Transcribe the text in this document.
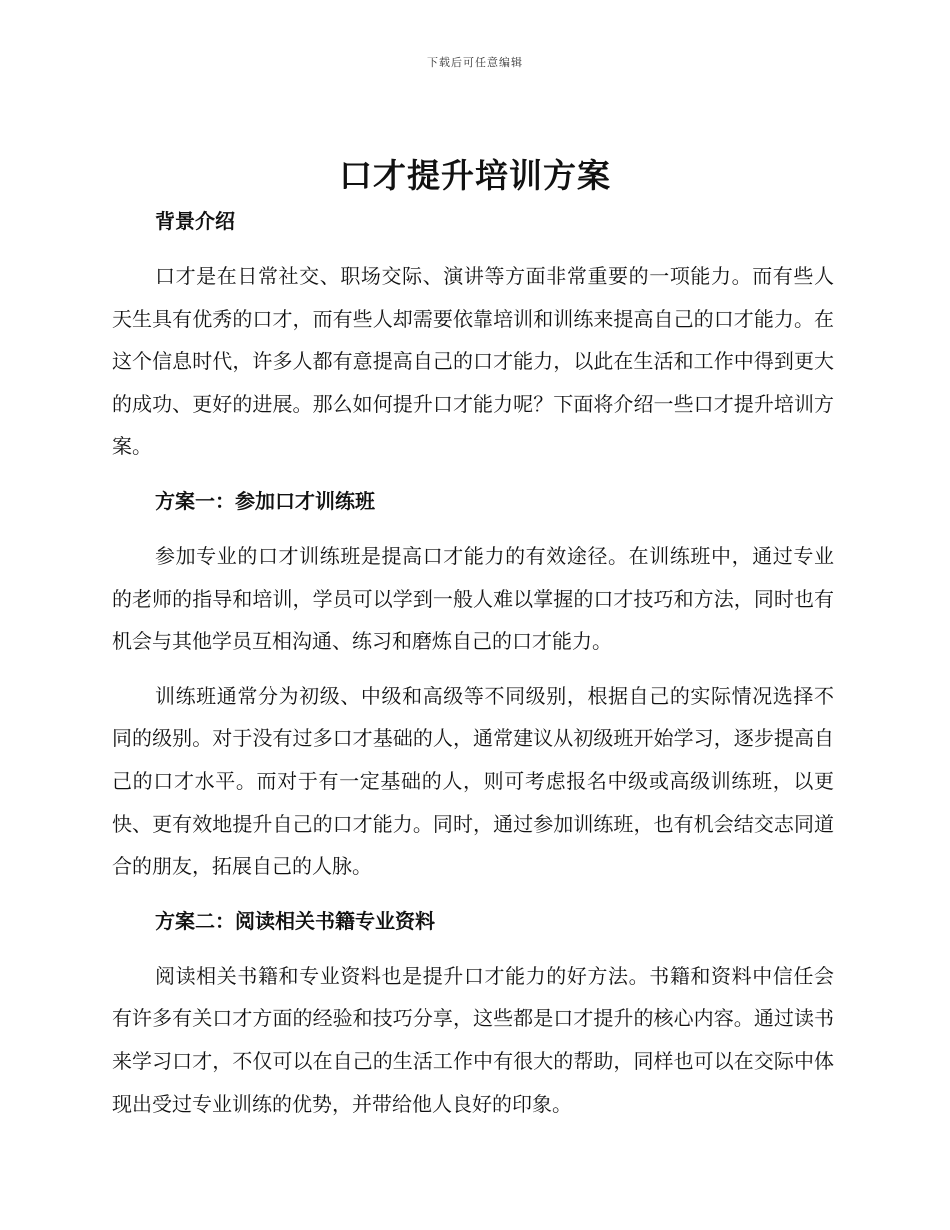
下载后可任意编辑
口才提升培训方案
背景介绍

口才是在日常社交、职场交际、演讲等方面非常重要的一项能力。而有些人天生具有优秀的口才，而有些人却需要依靠培训和训练来提高自己的口才能力。在这个信息时代，许多人都有意提高自己的口才能力，以此在生活和工作中得到更大的成功、更好的进展。那么如何提升口才能力呢？下面将介绍一些口才提升培训方案。

方案一：参加口才训练班

参加专业的口才训练班是提高口才能力的有效途径。在训练班中，通过专业的老师的指导和培训，学员可以学到一般人难以掌握的口才技巧和方法，同时也有机会与其他学员互相沟通、练习和磨炼自己的口才能力。

训练班通常分为初级、中级和高级等不同级别，根据自己的实际情况选择不同的级别。对于没有过多口才基础的人，通常建议从初级班开始学习，逐步提高自己的口才水平。而对于有一定基础的人，则可考虑报名中级或高级训练班，以更快、更有效地提升自己的口才能力。同时，通过参加训练班，也有机会结交志同道合的朋友，拓展自己的人脉。

方案二：阅读相关书籍专业资料

阅读相关书籍和专业资料也是提升口才能力的好方法。书籍和资料中信任会有许多有关口才方面的经验和技巧分享，这些都是口才提升的核心内容。通过读书来学习口才，不仅可以在自己的生活工作中有很大的帮助，同样也可以在交际中体现出受过专业训练的优势，并带给他人良好的印象。
